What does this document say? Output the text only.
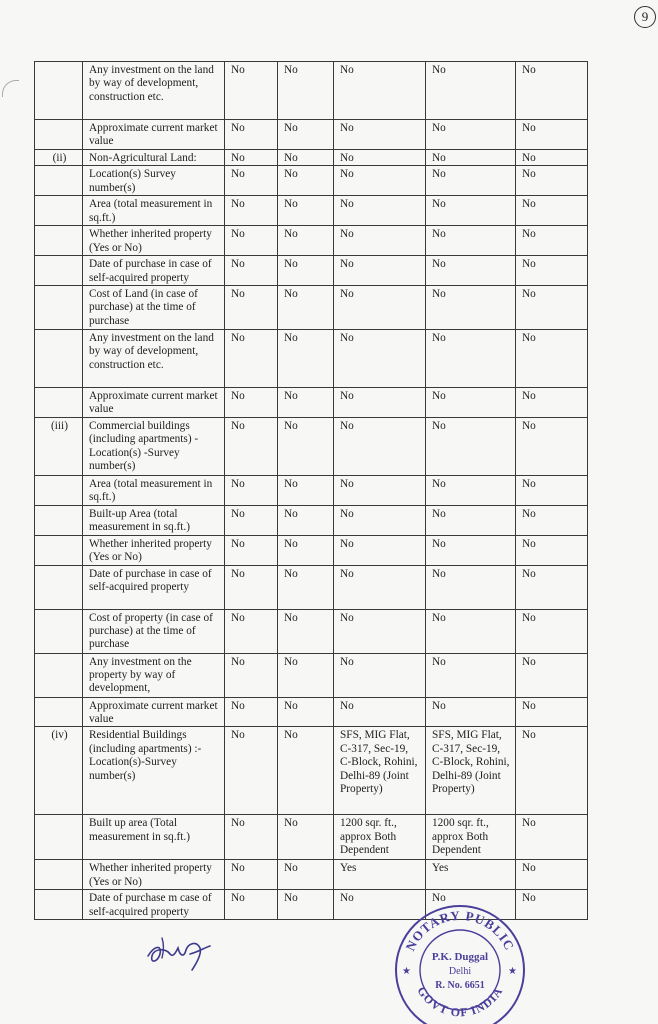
9
	Any investment on the land by way of development, construction etc.	No	No	No	No	No
	Approximate current market value	No	No	No	No	No
(ii)	Non-Agricultural Land:	No	No	No	No	No
	Location(s) Survey number(s)	No	No	No	No	No
	Area (total measurement in sq.ft.)	No	No	No	No	No
	Whether inherited property (Yes or No)	No	No	No	No	No
	Date of purchase in case of self-acquired property	No	No	No	No	No
	Cost of Land (in case of purchase) at the time of purchase	No	No	No	No	No
	Any investment on the land by way of development, construction etc.	No	No	No	No	No
	Approximate current market value	No	No	No	No	No
(iii)	Commercial buildings (including apartments) - Location(s) -Survey number(s)	No	No	No	No	No
	Area (total measurement in sq.ft.)	No	No	No	No	No
	Built-up Area (total measurement in sq.ft.)	No	No	No	No	No
	Whether inherited property (Yes or No)	No	No	No	No	No
	Date of purchase in case of self-acquired property	No	No	No	No	No
	Cost of property (in case of purchase) at the time of purchase	No	No	No	No	No
	Any investment on the property by way of development,	No	No	No	No	No
	Approximate current market value	No	No	No	No	No
(iv)	Residential Buildings (including apartments) :- Location(s)-Survey number(s)	No	No	SFS, MIG Flat, C-317, Sec-19, C-Block, Rohini, Delhi-89 (Joint Property)	SFS, MIG Flat, C-317, Sec-19, C-Block, Rohini, Delhi-89 (Joint Property)	No
	Built up area (Total measurement in sq.ft.)	No	No	1200 sqr. ft., approx Both Dependent	1200 sqr. ft., approx Both Dependent	No
	Whether inherited property (Yes or No)	No	No	Yes	Yes	No
	Date of purchase m case of self-acquired property	No	No	No	No	No
NOTARY PUBLIC
GOVT OF INDIA
P.K. Duggal
Delhi
R. No. 6651
★	★
